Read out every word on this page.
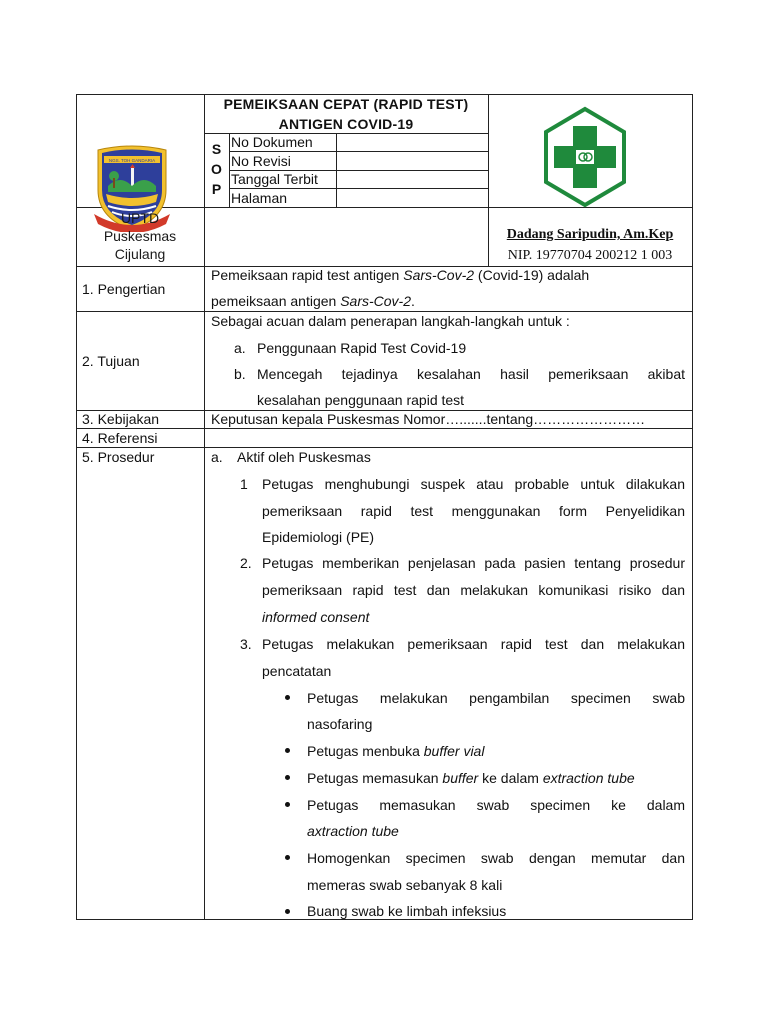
NGS. TOH GANDARIA
UPTD
Puskesmas
Cijulang
PEMEIKSAAN CEPAT (RAPID TEST)
ANTIGEN COVID-19
S
O
P
No Dokumen
No Revisi
Tanggal Terbit
Halaman
Dadang Saripudin, Am.Kep
NIP. 19770704 200212 1 003
1. Pengertian
Pemeiksaan rapid test antigen Sars-Cov-2 (Covid-19) adalah
pemeiksaan antigen Sars-Cov-2.
2. Tujuan
Sebagai acuan dalam penerapan langkah-langkah untuk :
a. Penggunaan Rapid Test Covid-19
b. Mencegah tejadinya kesalahan hasil pemeriksaan akibat
kesalahan penggunaan rapid test
3. Kebijakan	Keputusan kepala Puskesmas Nomor….......tentang……………………
4. Referensi
5. Prosedur	a. Aktif oleh Puskesmas
1 Petugas menghubungi suspek atau probable untuk dilakukan
pemeriksaan rapid test menggunakan form Penyelidikan
Epidemiologi (PE)
2. Petugas memberikan penjelasan pada pasien tentang prosedur
pemeriksaan rapid test dan melakukan komunikasi risiko dan
informed consent
3. Petugas melakukan pemeriksaan rapid test dan melakukan
pencatatan
Petugas melakukan pengambilan specimen swab
nasofaring
Petugas menbuka buffer vial
Petugas memasukan buffer ke dalam extraction tube
Petugas memasukan swab specimen ke dalam
axtraction tube
Homogenkan specimen swab dengan memutar dan
memeras swab sebanyak 8 kali
Buang swab ke limbah infeksius
